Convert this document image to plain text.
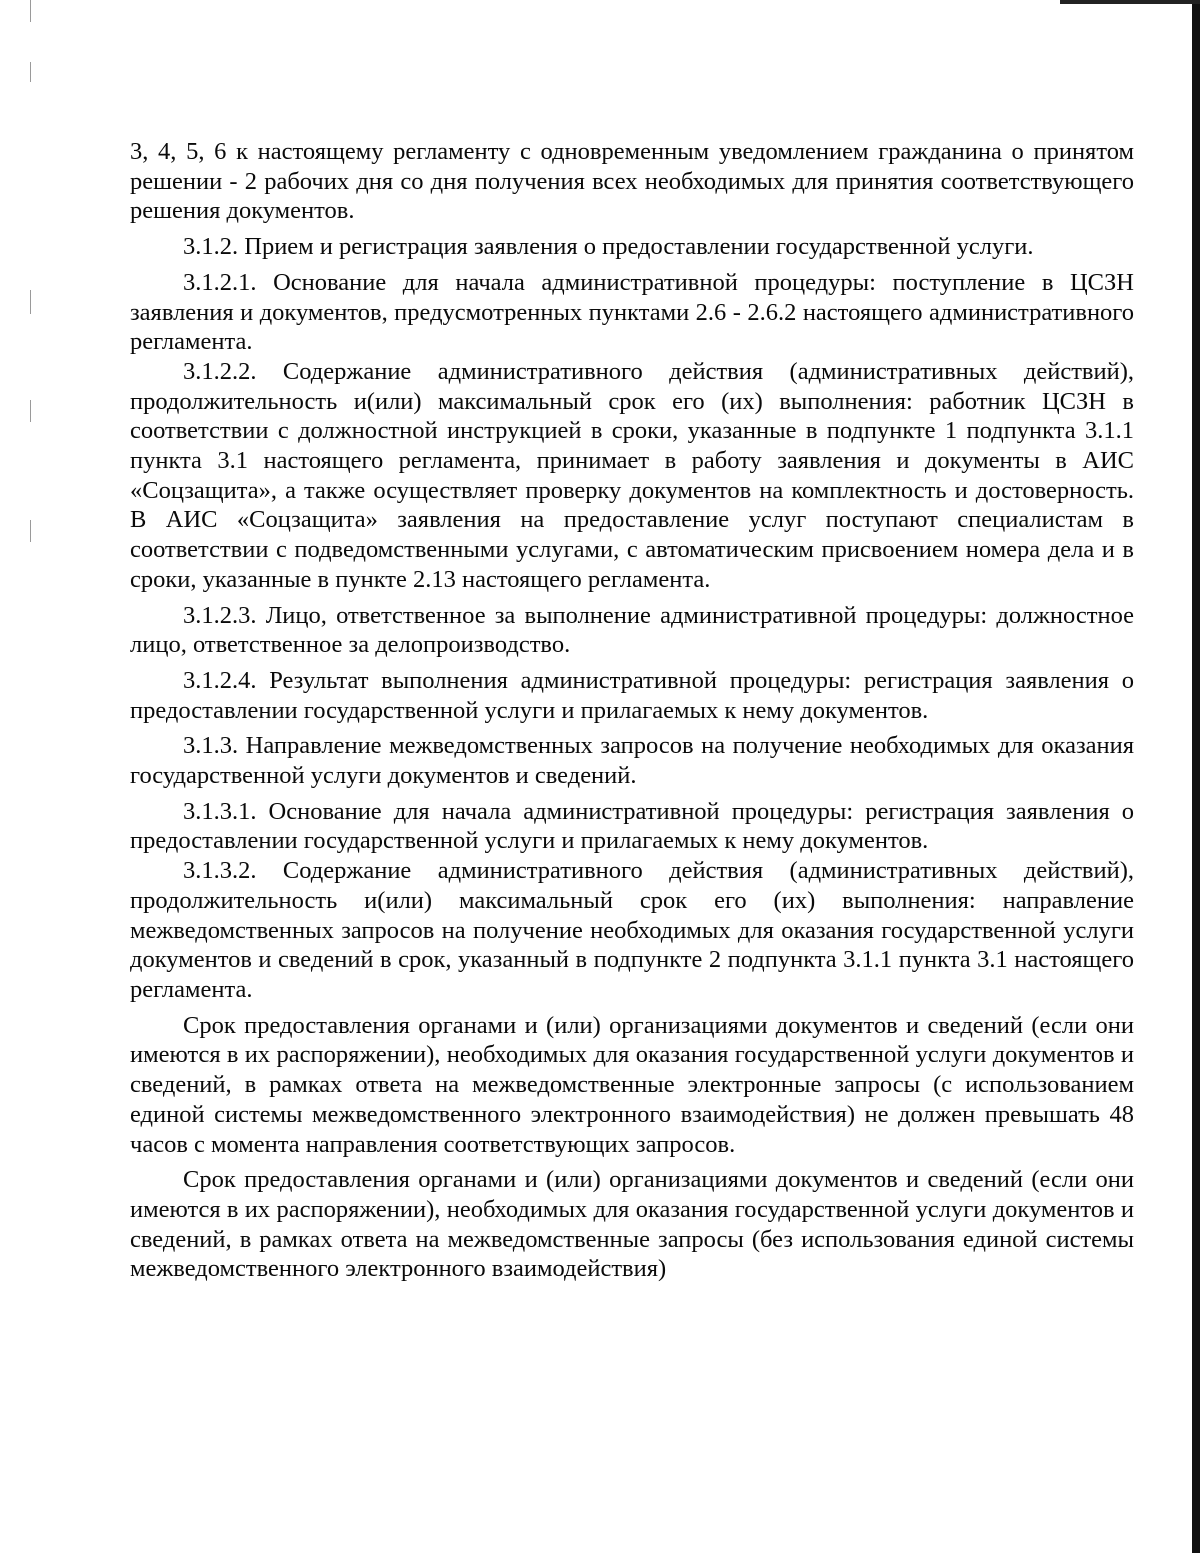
3, 4, 5, 6 к настоящему регламенту с одновременным уведомлением гражданина о принятом решении - 2 рабочих дня со дня получения всех необходимых для принятия соответствующего решения документов.

3.1.2. Прием и регистрация заявления о предоставлении государственной услуги.

3.1.2.1. Основание для начала административной процедуры: поступление в ЦСЗН заявления и документов, предусмотренных пунктами 2.6 - 2.6.2 настоящего административного регламента.

3.1.2.2. Содержание административного действия (административных действий), продолжительность и(или) максимальный срок его (их) выполнения: работник ЦСЗН в соответствии с должностной инструкцией в сроки, указанные в подпункте 1 подпункта 3.1.1 пункта 3.1 настоящего регламента, принимает в работу заявления и документы в АИС «Соцзащита», а также осуществляет проверку документов на комплектность и достоверность. В АИС «Соцзащита» заявления на предоставление услуг поступают специалистам в соответствии с подведомственными услугами, с автоматическим присвоением номера дела и в сроки, указанные в пункте 2.13 настоящего регламента.

3.1.2.3. Лицо, ответственное за выполнение административной процедуры: должностное лицо, ответственное за делопроизводство.

3.1.2.4. Результат выполнения административной процедуры: регистрация заявления о предоставлении государственной услуги и прилагаемых к нему документов.

3.1.3. Направление межведомственных запросов на получение необходимых для оказания государственной услуги документов и сведений.

3.1.3.1. Основание для начала административной процедуры: регистрация заявления о предоставлении государственной услуги и прилагаемых к нему документов.

3.1.3.2. Содержание административного действия (административных действий), продолжительность и(или) максимальный срок его (их) выполнения: направление межведомственных запросов на получение необходимых для оказания государственной услуги документов и сведений в срок, указанный в подпункте 2 подпункта 3.1.1 пункта 3.1 настоящего регламента.

Срок предоставления органами и (или) организациями документов и сведений (если они имеются в их распоряжении), необходимых для оказания государственной услуги документов и сведений, в рамках ответа на межведомственные электронные запросы (с использованием единой системы межведомственного электронного взаимодействия) не должен превышать 48 часов с момента направления соответствующих запросов.

Срок предоставления органами и (или) организациями документов и сведений (если они имеются в их распоряжении), необходимых для оказания государственной услуги документов и сведений, в рамках ответа на межведомственные запросы (без использования единой системы межведомственного электронного взаимодействия)
